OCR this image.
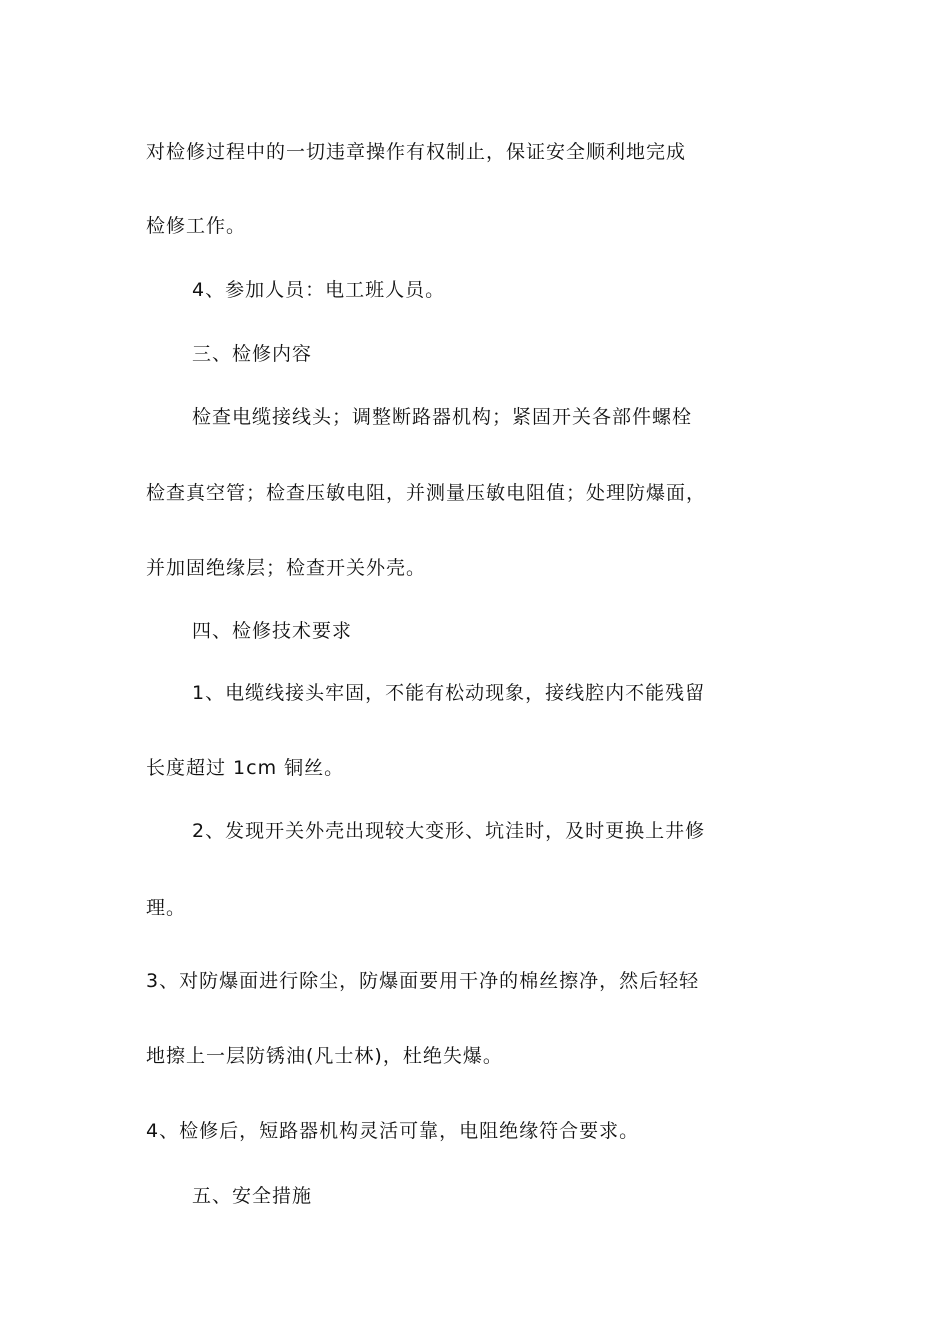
对检修过程中的一切违章操作有权制止，保证安全顺利地完成
检修工作。
4、参加人员：电工班人员。
三、检修内容
检查电缆接线头；调整断路器机构；紧固开关各部件螺栓
检查真空管；检查压敏电阻，并测量压敏电阻值；处理防爆面，
并加固绝缘层；检查开关外壳。
四、检修技术要求
1、电缆线接头牢固，不能有松动现象，接线腔内不能残留
长度超过 1cm 铜丝。
2、发现开关外壳出现较大变形、坑洼时，及时更换上井修
理。
3、对防爆面进行除尘，防爆面要用干净的棉丝擦净，然后轻轻
地擦上一层防锈油(凡士林)，杜绝失爆。
4、检修后，短路器机构灵活可靠，电阻绝缘符合要求。
五、安全措施
